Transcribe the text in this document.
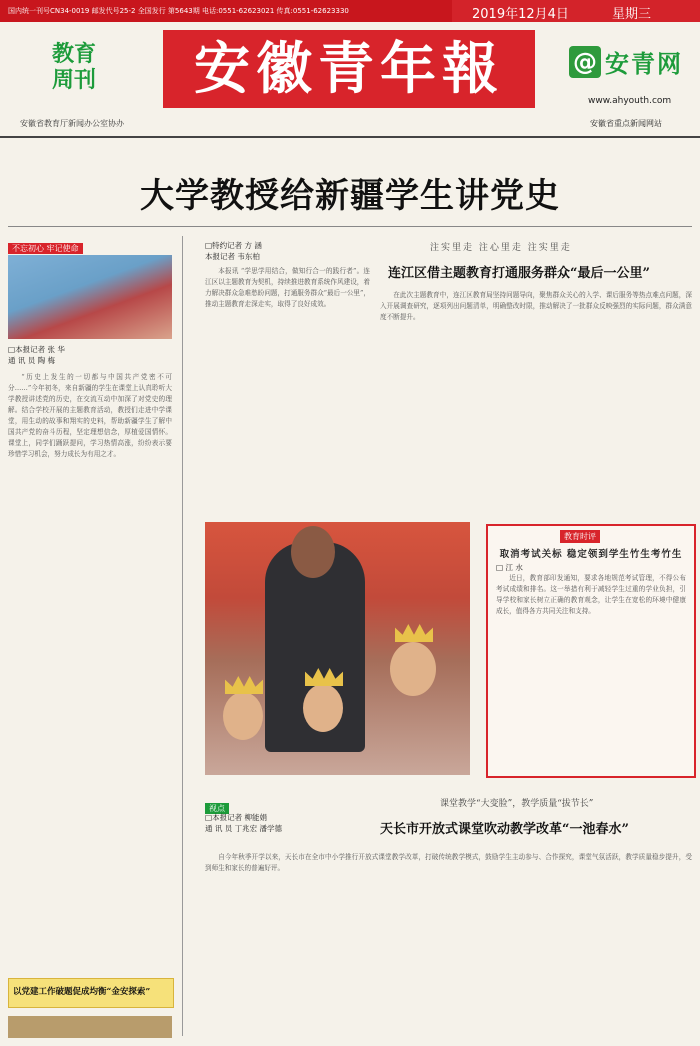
国内统一刊号CN34-0019 邮发代号25-2 全国发行 第5643期 电话:0551-62623021 传真:0551-62623330	2019年12月4日	星期三
教育
周刊
安徽省教育厅新闻办公室协办
安徽青年報	@ 安青网
www.ahyouth.com
安徽省重点新闻网站
大学教授给新疆学生讲党史
不忘初心 牢记使命
□本报记者 张 华
通 讯 员 陶 梅

“历史上发生的一切都与中国共产党密不可分……”今年初冬，来自新疆的学生在课堂上认真聆听大学教授讲述党的历史，在交流互动中加深了对党史的理解。结合学校开展的主题教育活动，教授们走进中学课堂，用生动的故事和翔实的史料，帮助新疆学生了解中国共产党的奋斗历程，坚定理想信念，厚植爱国情怀。课堂上，同学们踊跃提问，学习热情高涨，纷纷表示要珍惜学习机会，努力成长为有用之才。

□特约记者 方 涵
本报记者 韦东柏

本报讯 “学思学用结合，做知行合一的践行者”。连江区以主题教育为契机，持续推进教育系统作风建设，着力解决群众急难愁盼问题，打通服务群众“最后一公里”，推动主题教育走深走实，取得了良好成效。

注实里走 注心里走 注实里走
连江区借主题教育打通服务群众“最后一公里”

在此次主题教育中，连江区教育局坚持问题导向，聚焦群众关心的入学、课后服务等热点难点问题，深入开展调查研究，逐项列出问题清单，明确整改时限，推动解决了一批群众反映强烈的实际问题，群众满意度不断提升。

教育时评
取消考试关标 稳定领到学生竹生考竹生
□ 江 水

近日，教育部印发通知，要求各地规范考试管理，不得公布考试成绩和排名。这一举措有利于减轻学生过重的学业负担，引导学校和家长树立正确的教育观念，让学生在宽松的环境中健康成长，值得各方共同关注和支持。

视点
□本报记者 柳能娟
通 讯 员 丁兆宏 潘学德
课堂教学“大变脸”，教学质量“拔节长”
天长市开放式课堂吹动教学改革“一池春水”

自今年秋季开学以来，天长市在全市中小学推行开放式课堂教学改革，打破传统教学模式，鼓励学生主动参与、合作探究，课堂气氛活跃，教学质量稳步提升，受到师生和家长的普遍好评。

以党建工作破题促成均衡“金安探索”
